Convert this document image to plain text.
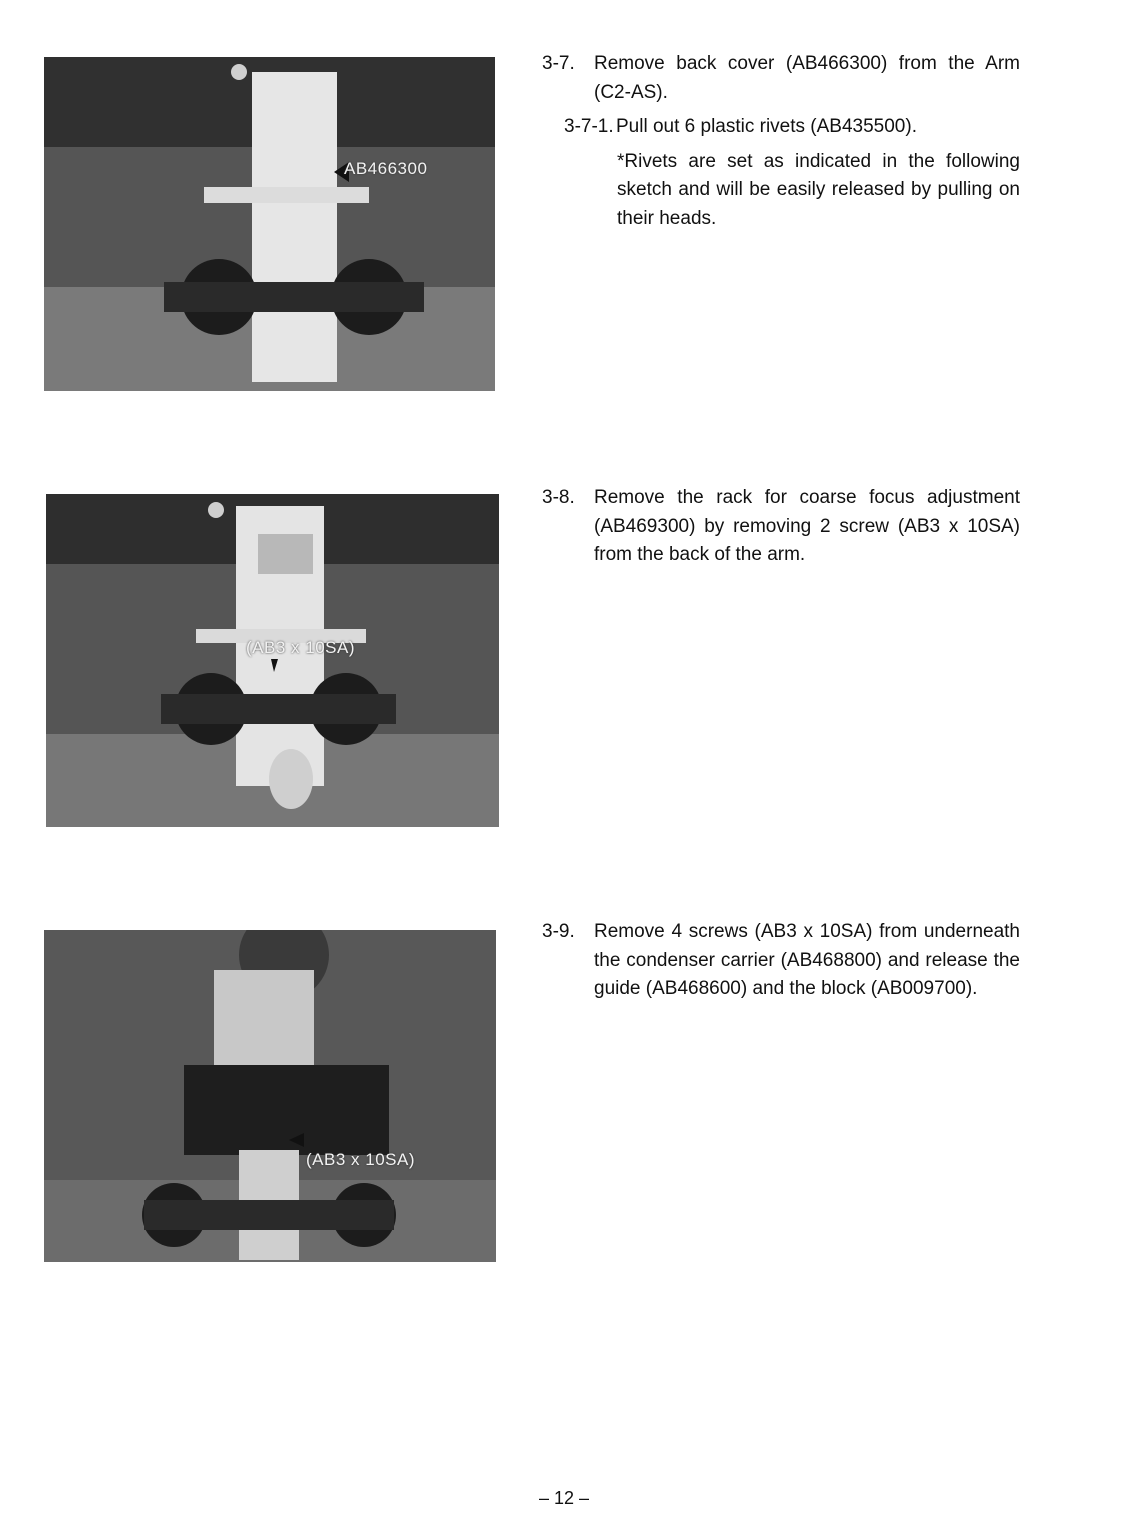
AB466300
3-7.	Remove back cover (AB466300) from the Arm (C2-AS).
3-7-1. Pull out 6 plastic rivets (AB435500).
*Rivets are set as indicated in the following sketch and will be easily released by pulling on their heads.
(AB3 x 10SA)
3-8.	Remove the rack for coarse focus adjustment (AB469300) by removing 2 screw (AB3 x 10SA) from the back of the arm.
(AB3 x 10SA)
3-9.	Remove 4 screws (AB3 x 10SA) from underneath the condenser carrier (AB468800) and release the guide (AB468600) and the block (AB009700).
– 12 –
